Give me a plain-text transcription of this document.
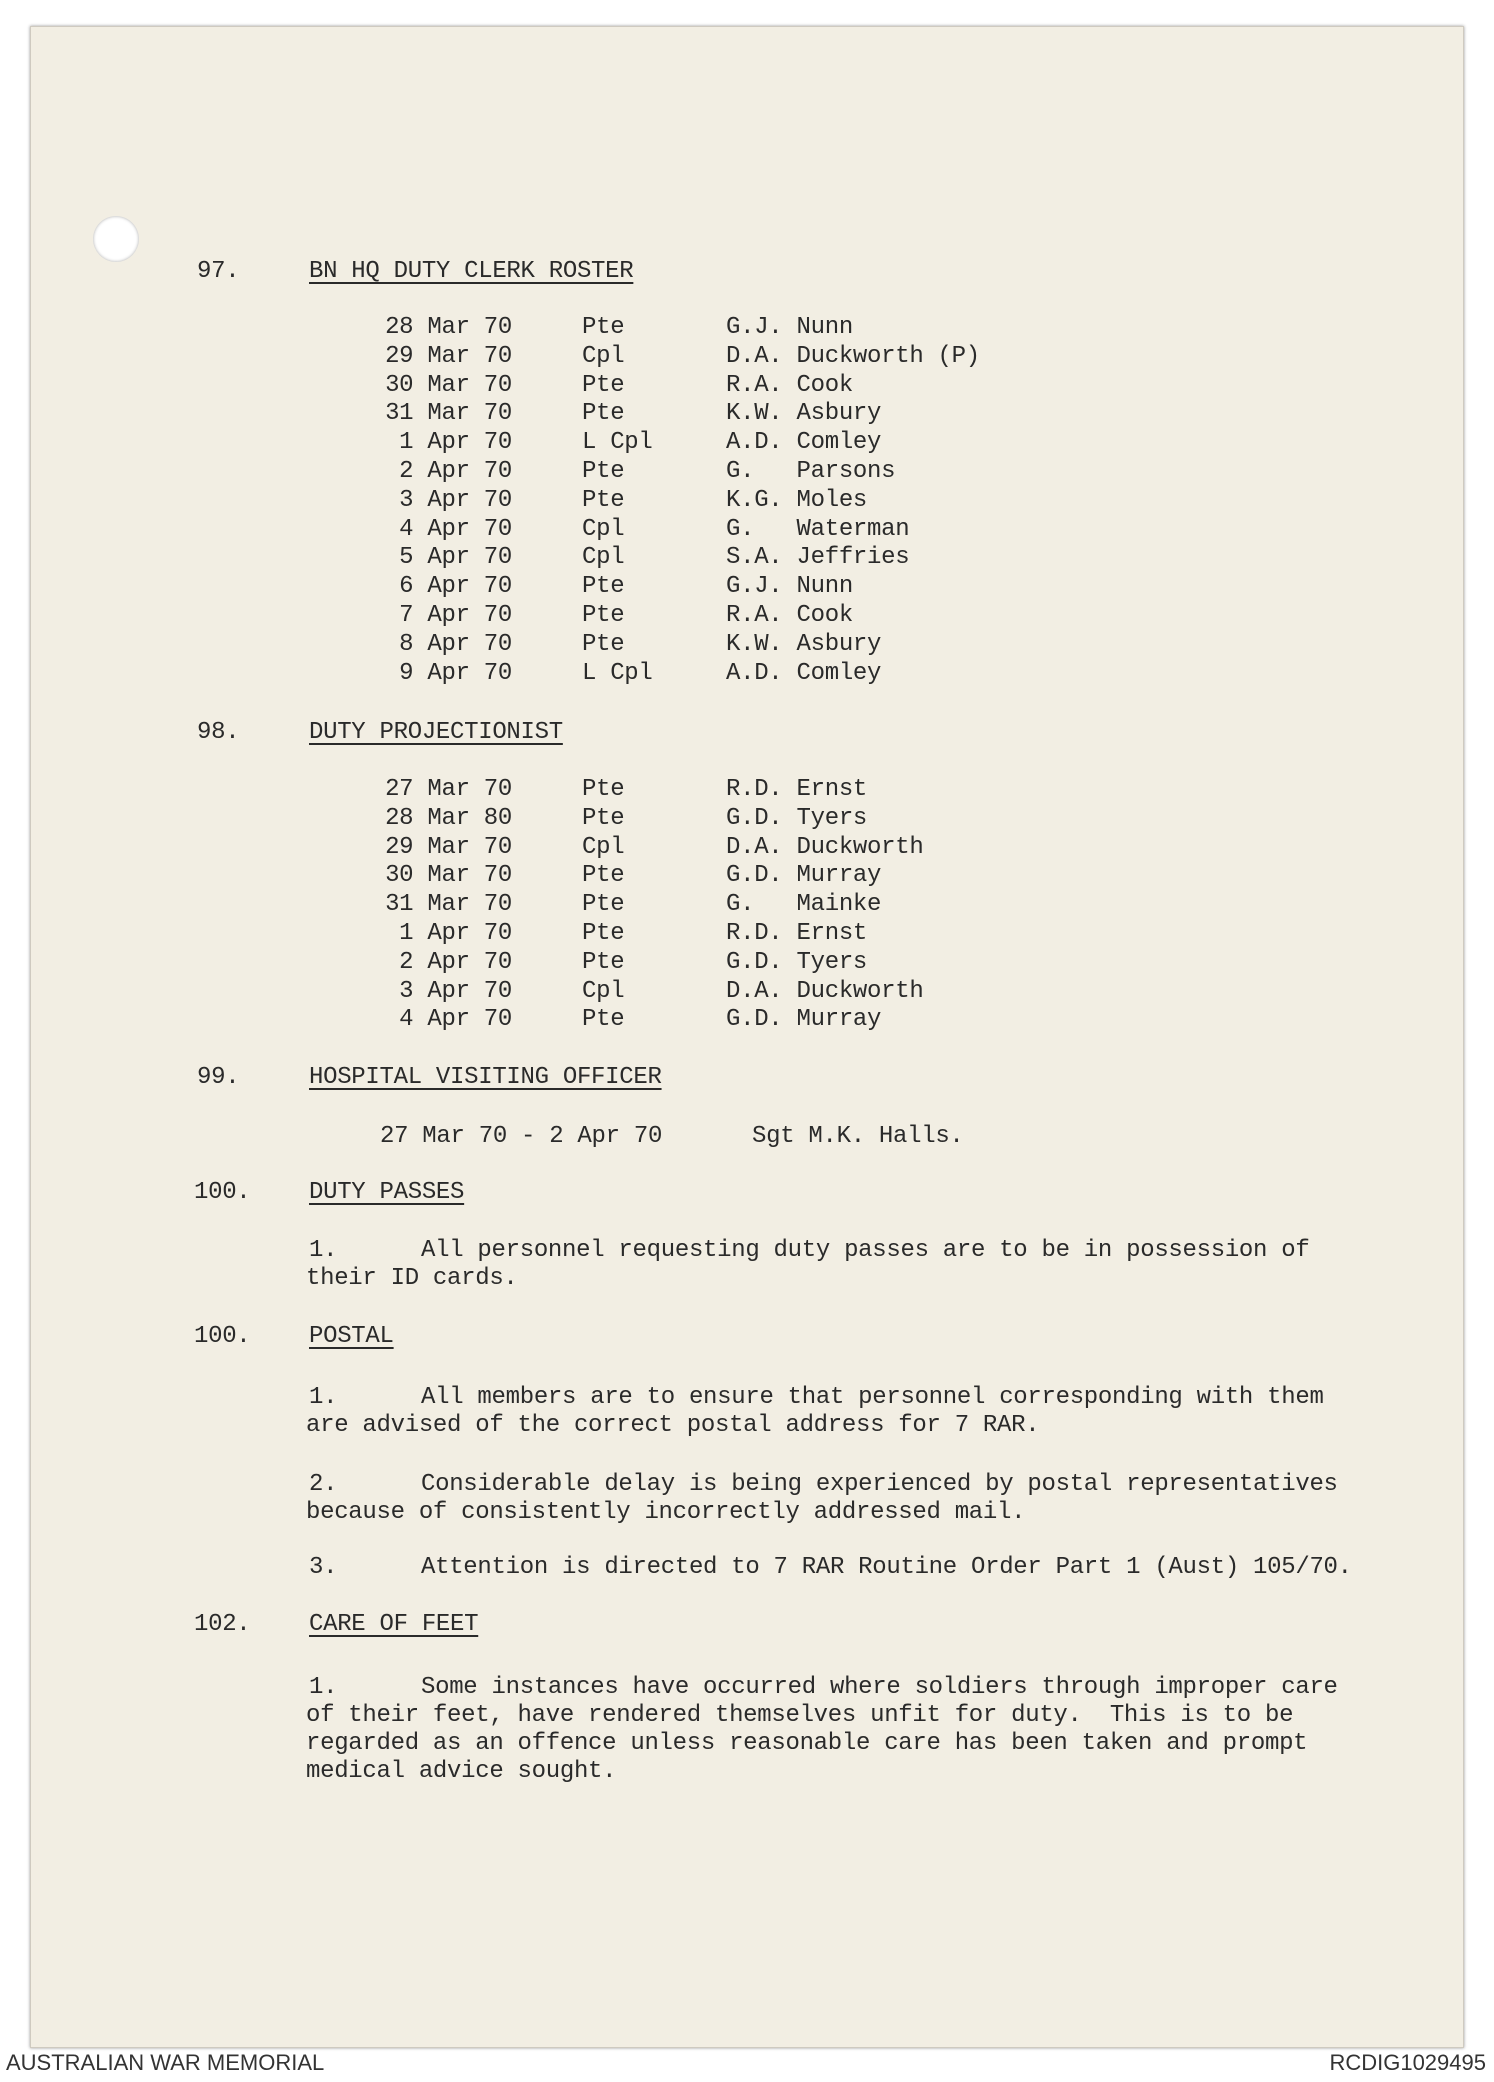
97.	BN HQ DUTY CLERK ROSTER
98.	DUTY PROJECTIONIST
99.	HOSPITAL VISITING OFFICER
100. DUTY PASSES
100. POSTAL
102. CARE OF FEET
28 Mar 70	Pte	G.J. Nunn
29 Mar 70	Cpl	D.A. Duckworth (P)
30 Mar 70	Pte	R.A. Cook
31 Mar 70	Pte	K.W. Asbury
1 Apr 70	L Cpl	A.D. Comley
2 Apr 70	Pte	G.   Parsons
3 Apr 70	Pte	K.G. Moles
4 Apr 70	Cpl	G.   Waterman
5 Apr 70	Cpl	S.A. Jeffries
6 Apr 70	Pte	G.J. Nunn
7 Apr 70	Pte	R.A. Cook
8 Apr 70	Pte	K.W. Asbury
9 Apr 70	L Cpl	A.D. Comley
27 Mar 70	Pte	R.D. Ernst
28 Mar 80	Pte	G.D. Tyers
29 Mar 70	Cpl	D.A. Duckworth
30 Mar 70	Pte	G.D. Murray
31 Mar 70	Pte	G.   Mainke
1 Apr 70	Pte	R.D. Ernst
2 Apr 70	Pte	G.D. Tyers
3 Apr 70	Cpl	D.A. Duckworth
4 Apr 70	Pte	G.D. Murray
27 Mar 70 - 2 Apr 70	Sgt M.K. Halls.
1.	All personnel requesting duty passes are to be in possession of
their ID cards.
1.	All members are to ensure that personnel corresponding with them
are advised of the correct postal address for 7 RAR.
2.	Considerable delay is being experienced by postal representatives
because of consistently incorrectly addressed mail.
3.	Attention is directed to 7 RAR Routine Order Part 1 (Aust) 105/70.
1.	Some instances have occurred where soldiers through improper care
of their feet, have rendered themselves unfit for duty.  This is to be
regarded as an offence unless reasonable care has been taken and prompt
medical advice sought.
AUSTRALIAN WAR MEMORIAL	RCDIG1029495
